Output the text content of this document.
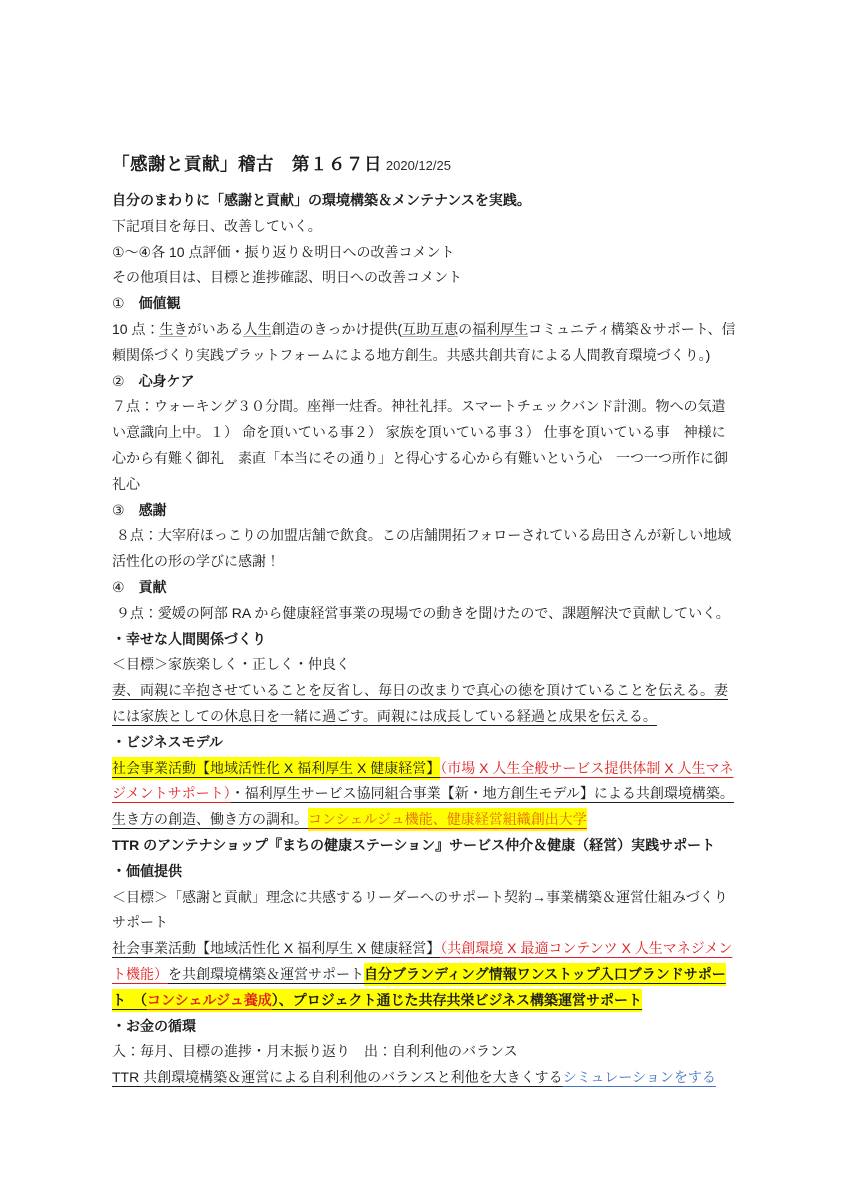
「感謝と貢献」稽古　第１６７日 2020/12/25

自分のまわりに「感謝と貢献」の環境構築＆メンテナンスを実践。

下記項目を毎日、改善していく。

①～④各 10 点評価・振り返り＆明日への改善コメント

その他項目は、目標と進捗確認、明日への改善コメント

①　価値観

10 点：生きがいある人生創造のきっかけ提供(互助互恵の福利厚生コミュニティ構築＆サポート、信頼関係づくり実践プラットフォームによる地方創生。共感共創共育による人間教育環境づくり。)

②　心身ケア

７点：ウォーキング３０分間。座禅一炷香。神社礼拝。スマートチェックバンド計測。物への気遣い意識向上中。１） 命を頂いている事２） 家族を頂いている事３） 仕事を頂いている事　神様に心から有難く御礼　素直「本当にその通り」と得心する心から有難いという心　一つ一つ所作に御礼心

③　感謝

８点：大宰府ほっこりの加盟店舗で飲食。この店舗開拓フォローされている島田さんが新しい地域活性化の形の学びに感謝！

④　貢献

９点：愛媛の阿部 RA から健康経営事業の現場での動きを聞けたので、課題解決で貢献していく。

・幸せな人間関係づくり

＜目標＞家族楽しく・正しく・仲良く

妻、両親に辛抱させていることを反省し、毎日の改まりで真心の徳を頂けていることを伝える。妻には家族としての休息日を一緒に過ごす。両親には成長している経過と成果を伝える。

・ビジネスモデル

社会事業活動【地域活性化 X 福利厚生 X 健康経営】（市場 X 人生全般サービス提供体制 X 人生マネジメントサポート）・福利厚生サービス協同組合事業【新・地方創生モデル】による共創環境構築。生き方の創造、働き方の調和。コンシェルジュ機能、健康経営組織創出大学

TTR のアンテナショップ『まちの健康ステーション』サービス仲介＆健康（経営）実践サポート

・価値提供

＜目標＞「感謝と貢献」理念に共感するリーダーへのサポート契約→事業構築＆運営仕組みづくりサポート

社会事業活動【地域活性化 X 福利厚生 X 健康経営】（共創環境 X 最適コンテンツ X 人生マネジメント機能）を共創環境構築＆運営サポート自分ブランディング情報ワンストップ入口ブランドサポート　（コンシェルジュ養成）、プロジェクト通じた共存共栄ビジネス構築運営サポート

・お金の循環

入：毎月、目標の進捗・月末振り返り　出：自利利他のバランス

TTR 共創環境構築＆運営による自利利他のバランスと利他を大きくするシミュレーションをする
